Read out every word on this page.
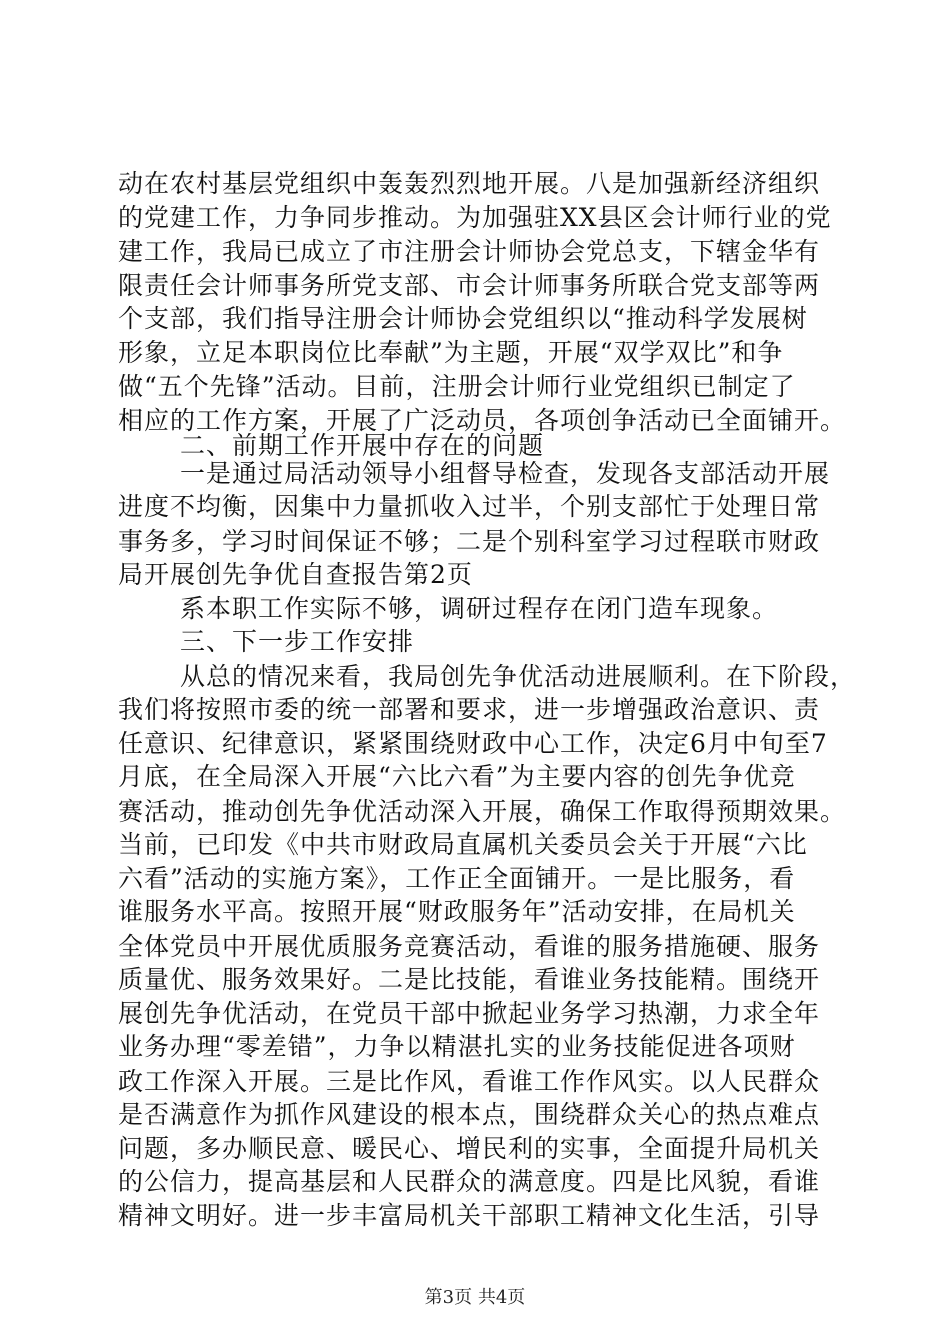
动在农村基层党组织中轰轰烈烈地开展。八是加强新经济组织
的党建工作，力争同步推动。为加强驻XX县区会计师行业的党
建工作，我局已成立了市注册会计师协会党总支，下辖金华有
限责任会计师事务所党支部、市会计师事务所联合党支部等两
个支部，我们指导注册会计师协会党组织以“推动科学发展树
形象，立足本职岗位比奉献”为主题，开展“双学双比”和争
做“五个先锋”活动。目前，注册会计师行业党组织已制定了
相应的工作方案，开展了广泛动员，各项创争活动已全面铺开。
二、前期工作开展中存在的问题
一是通过局活动领导小组督导检查，发现各支部活动开展
进度不均衡，因集中力量抓收入过半，个别支部忙于处理日常
事务多，学习时间保证不够；二是个别科室学习过程联市财政
局开展创先争优自查报告第2页
系本职工作实际不够，调研过程存在闭门造车现象。
三、下一步工作安排
从总的情况来看，我局创先争优活动进展顺利。在下阶段，
我们将按照市委的统一部署和要求，进一步增强政治意识、责
任意识、纪律意识，紧紧围绕财政中心工作，决定6月中旬至7
月底，在全局深入开展“六比六看”为主要内容的创先争优竞
赛活动，推动创先争优活动深入开展，确保工作取得预期效果。
当前，已印发《中共市财政局直属机关委员会关于开展“六比
六看”活动的实施方案》，工作正全面铺开。一是比服务，看
谁服务水平高。按照开展“财政服务年”活动安排，在局机关
全体党员中开展优质服务竞赛活动，看谁的服务措施硬、服务
质量优、服务效果好。二是比技能，看谁业务技能精。围绕开
展创先争优活动，在党员干部中掀起业务学习热潮，力求全年
业务办理“零差错”，力争以精湛扎实的业务技能促进各项财
政工作深入开展。三是比作风，看谁工作作风实。以人民群众
是否满意作为抓作风建设的根本点，围绕群众关心的热点难点
问题，多办顺民意、暖民心、增民利的实事，全面提升局机关
的公信力，提高基层和人民群众的满意度。四是比风貌，看谁
精神文明好。进一步丰富局机关干部职工精神文化生活，引导
第3页 共4页
